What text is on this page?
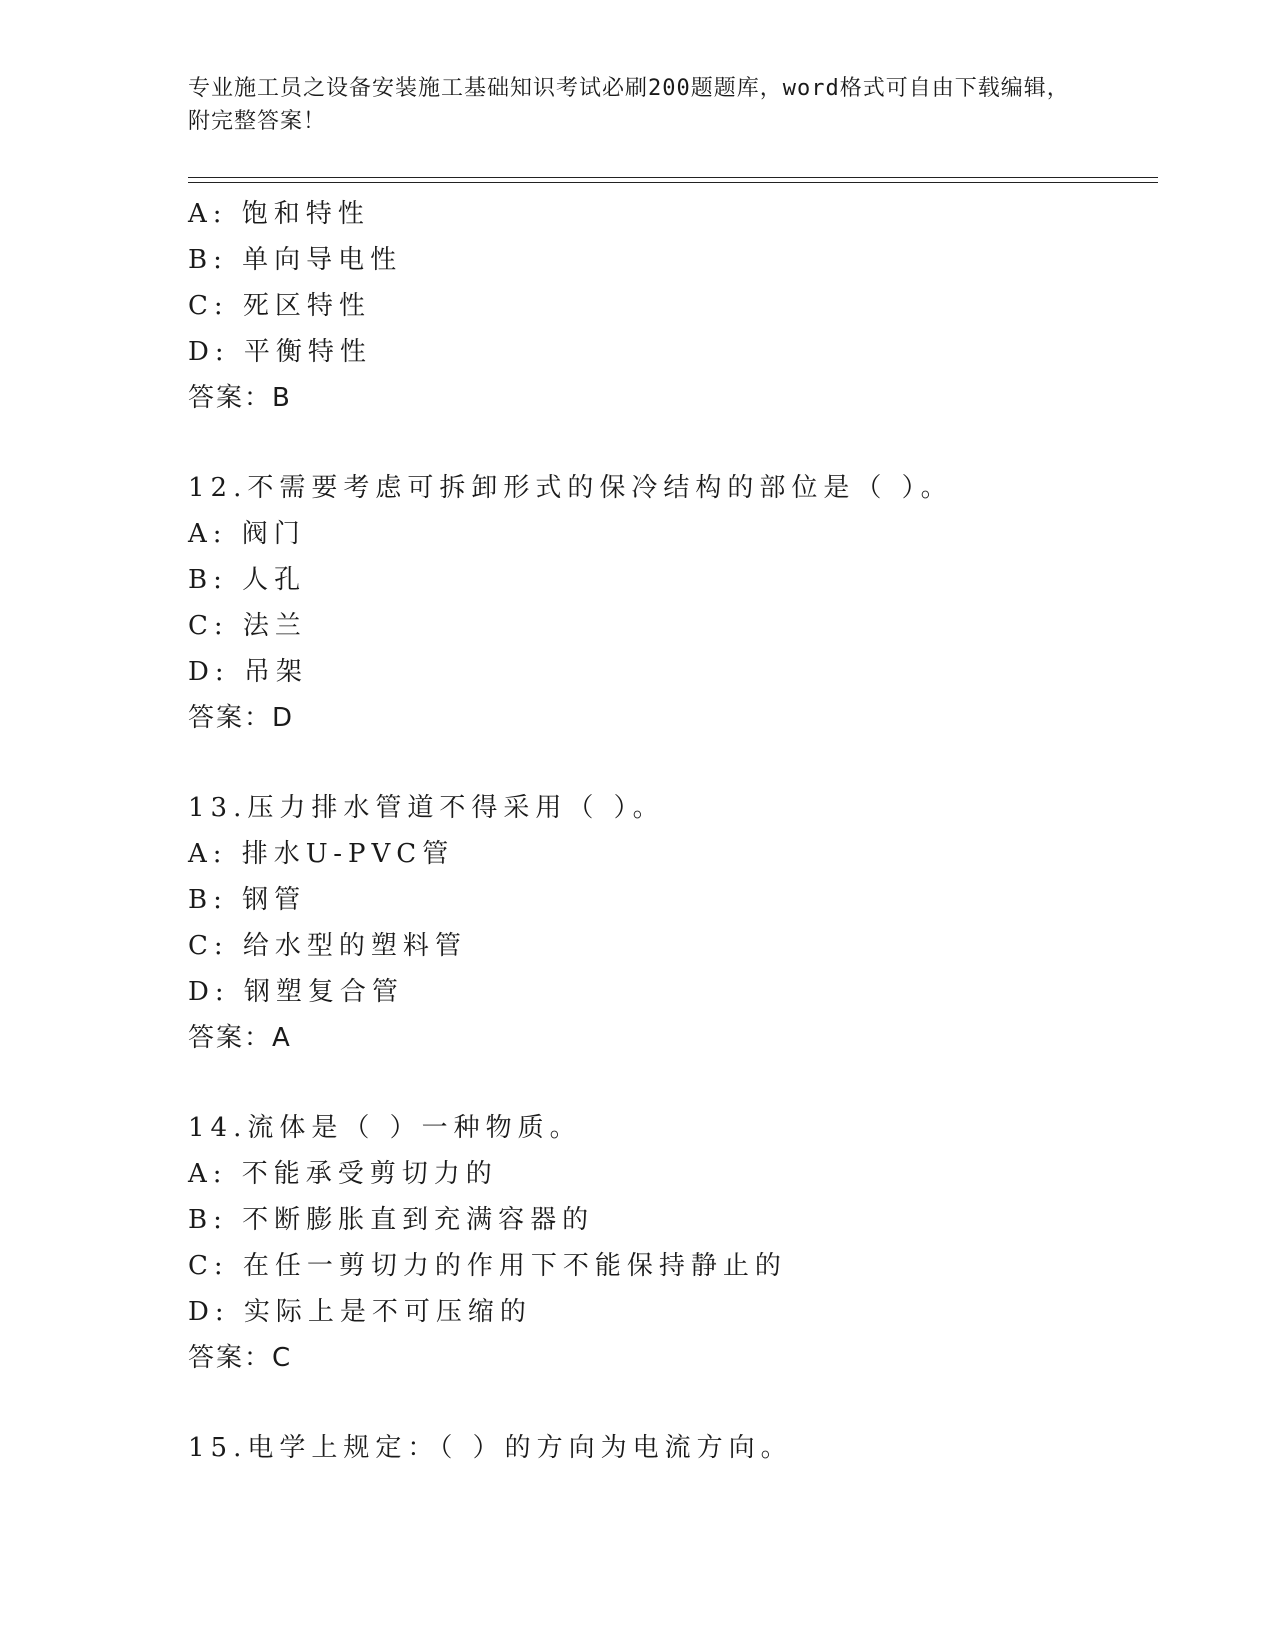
专业施工员之设备安装施工基础知识考试必刷200题题库，word格式可自由下载编辑，附完整答案！
A: 饱和特性
B: 单向导电性
C: 死区特性
D: 平衡特性
答案：B
12.不需要考虑可拆卸形式的保冷结构的部位是（ ）。
A: 阀门
B: 人孔
C: 法兰
D: 吊架
答案：D
13.压力排水管道不得采用（ ）。
A: 排水U-PVC管
B: 钢管
C: 给水型的塑料管
D: 钢塑复合管
答案：A
14.流体是（ ）一种物质。
A: 不能承受剪切力的
B: 不断膨胀直到充满容器的
C: 在任一剪切力的作用下不能保持静止的
D: 实际上是不可压缩的
答案：C
15.电学上规定：（ ）的方向为电流方向。
